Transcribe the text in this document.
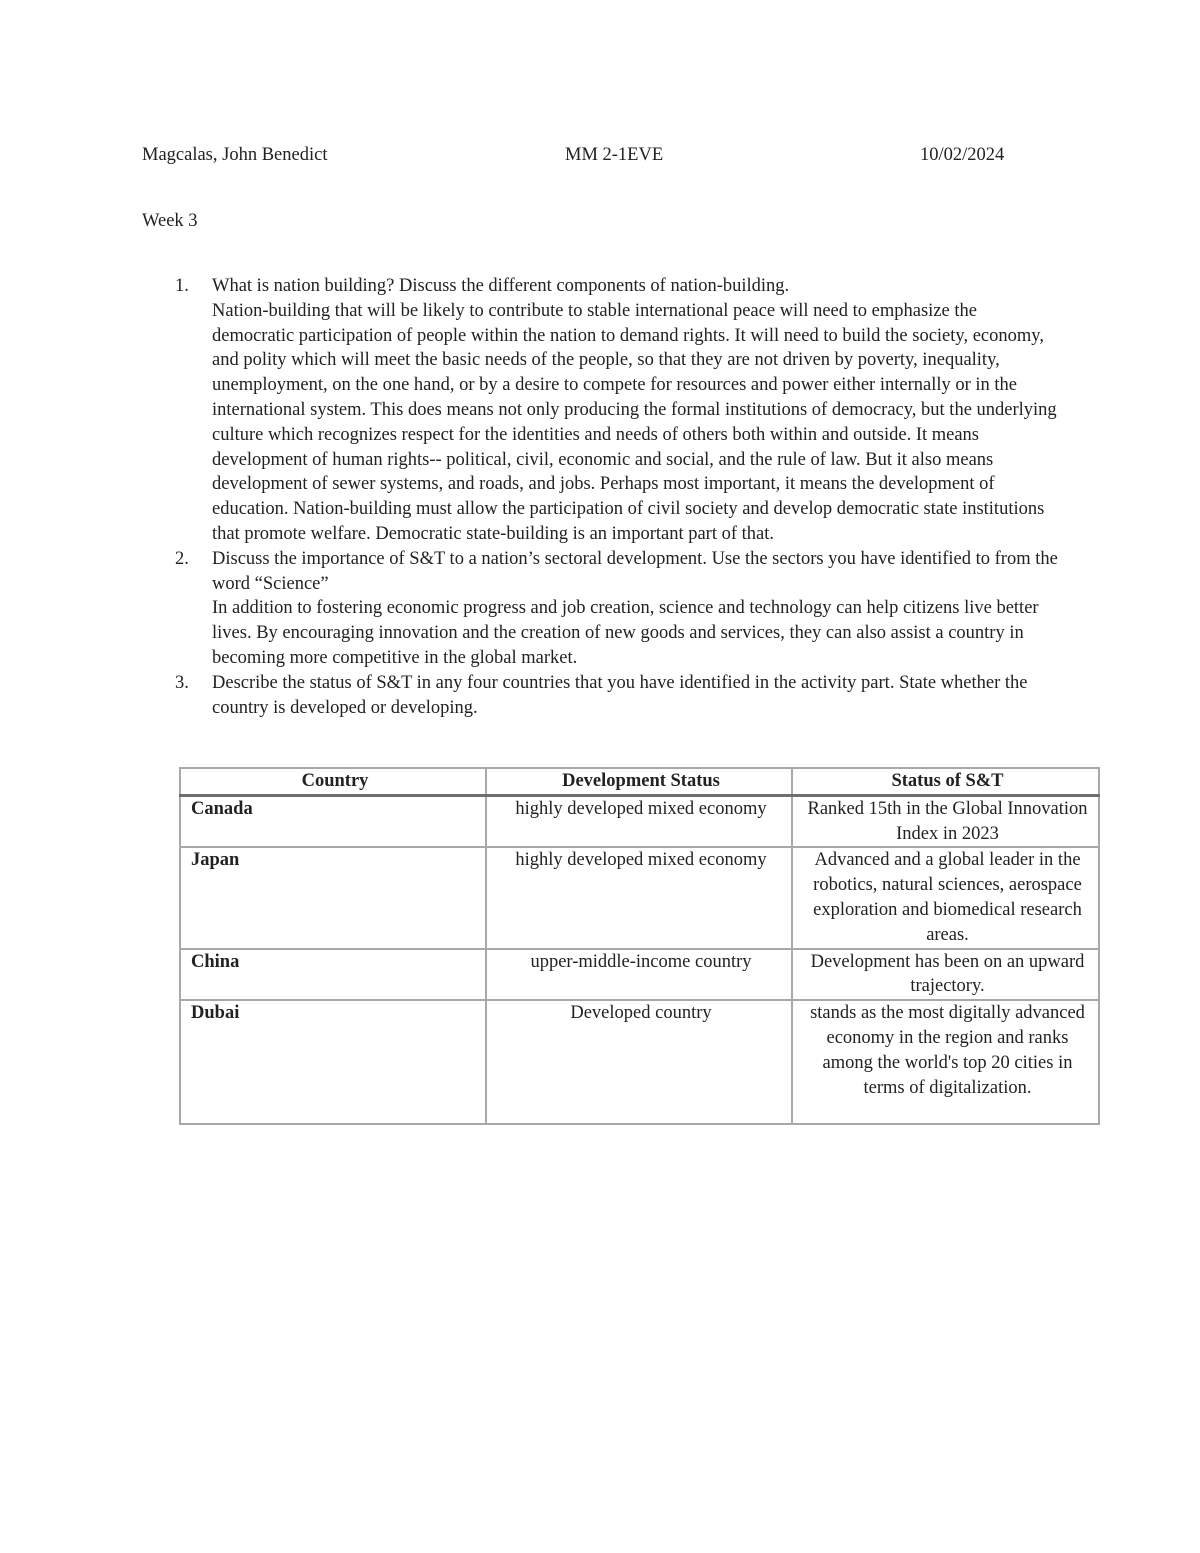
Magcalas, John Benedict	MM 2-1EVE	10/02/2024
Week 3
1. What is nation building? Discuss the different components of nation-building.
Nation-building that will be likely to contribute to stable international peace will need to emphasize the democratic participation of people within the nation to demand rights. It will need to build the society, economy, and polity which will meet the basic needs of the people, so that they are not driven by poverty, inequality, unemployment, on the one hand, or by a desire to compete for resources and power either internally or in the international system. This does means not only producing the formal institutions of democracy, but the underlying culture which recognizes respect for the identities and needs of others both within and outside. It means development of human rights-- political, civil, economic and social, and the rule of law. But it also means development of sewer systems, and roads, and jobs. Perhaps most important, it means the development of education. Nation-building must allow the participation of civil society and develop democratic state institutions that promote welfare. Democratic state-building is an important part of that.
2. Discuss the importance of S&T to a nation’s sectoral development. Use the sectors you have identified to from the word “Science”
In addition to fostering economic progress and job creation, science and technology can help citizens live better lives. By encouraging innovation and the creation of new goods and services, they can also assist a country in becoming more competitive in the global market.
3. Describe the status of S&T in any four countries that you have identified in the activity part. State whether the country is developed or developing.
Country	Development Status	Status of S&T
Canada	highly developed mixed economy	Ranked 15th in the Global Innovation Index in 2023
Japan	highly developed mixed economy	Advanced and a global leader in the robotics, natural sciences, aerospace exploration and biomedical research areas.
China	upper-middle-income country	Development has been on an upward trajectory.
Dubai	Developed country	stands as the most digitally advanced economy in the region and ranks among the world's top 20 cities in terms of digitalization.
